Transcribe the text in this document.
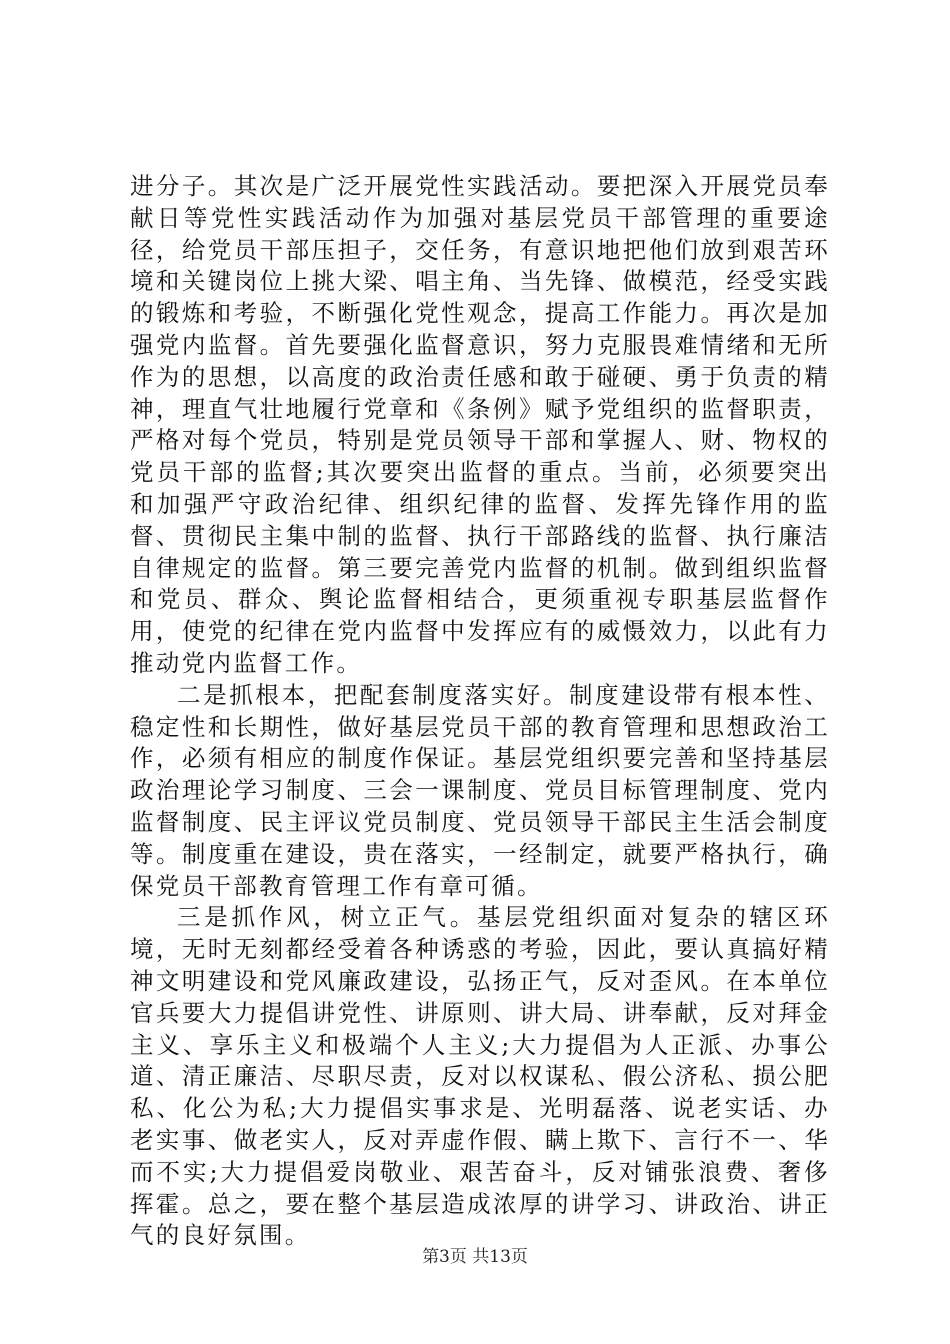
进分子。其次是广泛开展党性实践活动。要把深入开展党员奉献日等党性实践活动作为加强对基层党员干部管理的重要途径，给党员干部压担子，交任务，有意识地把他们放到艰苦环境和关键岗位上挑大梁、唱主角、当先锋、做模范，经受实践的锻炼和考验，不断强化党性观念，提高工作能力。再次是加强党内监督。首先要强化监督意识，努力克服畏难情绪和无所作为的思想，以高度的政治责任感和敢于碰硬、勇于负责的精神，理直气壮地履行党章和《条例》赋予党组织的监督职责，严格对每个党员，特别是党员领导干部和掌握人、财、物权的党员干部的监督;其次要突出监督的重点。当前，必须要突出和加强严守政治纪律、组织纪律的监督、发挥先锋作用的监督、贯彻民主集中制的监督、执行干部路线的监督、执行廉洁自律规定的监督。第三要完善党内监督的机制。做到组织监督和党员、群众、舆论监督相结合，更须重视专职基层监督作用，使党的纪律在党内监督中发挥应有的威慑效力，以此有力推动党内监督工作。

二是抓根本，把配套制度落实好。制度建设带有根本性、稳定性和长期性，做好基层党员干部的教育管理和思想政治工作，必须有相应的制度作保证。基层党组织要完善和坚持基层政治理论学习制度、三会一课制度、党员目标管理制度、党内监督制度、民主评议党员制度、党员领导干部民主生活会制度等。制度重在建设，贵在落实，一经制定，就要严格执行，确保党员干部教育管理工作有章可循。

三是抓作风，树立正气。基层党组织面对复杂的辖区环境，无时无刻都经受着各种诱惑的考验，因此，要认真搞好精神文明建设和党风廉政建设，弘扬正气，反对歪风。在本单位官兵要大力提倡讲党性、讲原则、讲大局、讲奉献，反对拜金主义、享乐主义和极端个人主义;大力提倡为人正派、办事公道、清正廉洁、尽职尽责，反对以权谋私、假公济私、损公肥私、化公为私;大力提倡实事求是、光明磊落、说老实话、办老实事、做老实人，反对弄虚作假、瞒上欺下、言行不一、华而不实;大力提倡爱岗敬业、艰苦奋斗，反对铺张浪费、奢侈挥霍。总之，要在整个基层造成浓厚的讲学习、讲政治、讲正气的良好氛围。

第3页 共13页
